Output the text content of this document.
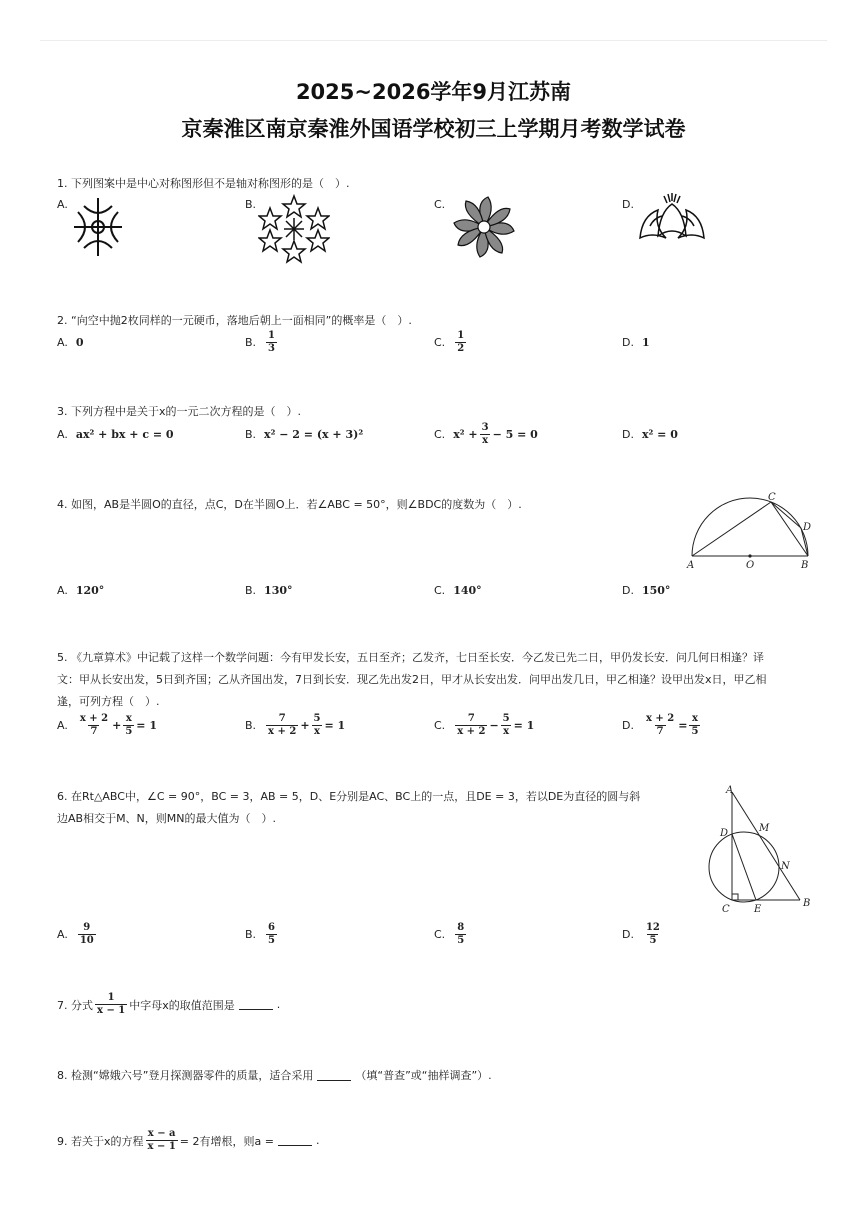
2025~2026学年9月江苏南
京秦淮区南京秦淮外国语学校初三上学期月考数学试卷
1. 下列图案中是中心对称图形但不是轴对称图形的是（　）.
A.	B.	C.	D.
2. “向空中抛2枚同样的一元硬币，落地后朝上一面相同”的概率是（　）.
A. 0	B. $\frac{1}{3}$	C. $\frac{1}{2}$	D. 1
3. 下列方程中是关于x的一元二次方程的是（　）.
A. ax² + bx + c = 0	B. x² − 2 = (x + 3)²	C. $x^2 + \frac{3}{x} - 5 = 0$	D. x² = 0
4. 如图，AB是半圆O的直径，点C，D在半圆O上．若∠ABC = 50°，则∠BDC的度数为（　）.
A	O	B
C
D
A. 120°	B. 130°	C. 140°	D. 150°
5. 《九章算术》中记载了这样一个数学问题：今有甲发长安，五日至齐；乙发齐，七日至长安．今乙发已先二日，甲仍发长安．问几何日相逢？译
文：甲从长安出发，5日到齐国；乙从齐国出发，7日到长安．现乙先出发2日，甲才从长安出发．问甲出发几日，甲乙相逢？设甲出发x日，甲乙相
逢，可列方程（　）.
A. $\frac{x + 2}{7} + \frac{x}{5} = 1$	B. $\frac{7}{x + 2} + \frac{5}{x} = 1$	C. $\frac{7}{x + 2} - \frac{5}{x} = 1$	D. $\frac{x + 2}{7} = \frac{x}{5}$
6. 在Rt△ABC中，∠C = 90°，BC = 3，AB = 5，D、E分别是AC、BC上的一点，且DE = 3，若以DE为直径的圆与斜
边AB相交于M、N，则MN的最大值为（　）.
A
D	M
N
C E
B
A. $\frac{9}{10}$	B. $\frac{6}{5}$	C. $\frac{8}{5}$	D. $\frac{12}{5}$
7. 分式 $\frac{1}{x - 1}$ 中字母x的取值范围是	.
8. 检测“嫦娥六号”登月探测器零件的质量，适合采用	（填“普查”或“抽样调查”）.
9. 若关于x的方程 $\frac{x - a}{x - 1} = 2$有增根，则a =	.
